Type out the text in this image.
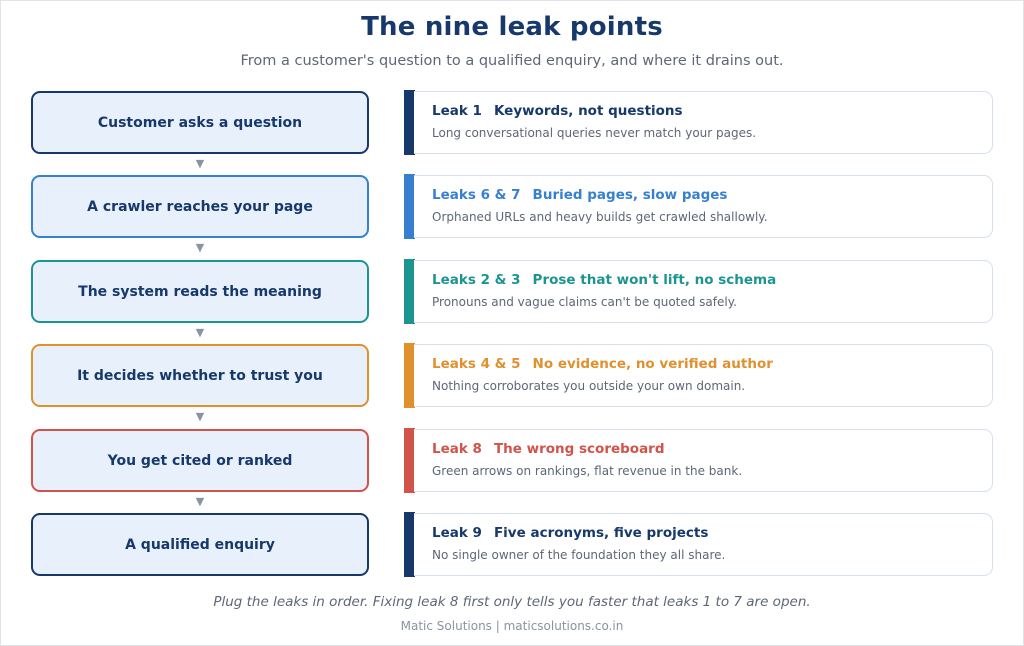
The nine leak points
From a customer's question to a qualified enquiry, and where it drains out.
Customer asks a question
▼
A crawler reaches your page
▼
The system reads the meaning
▼
It decides whether to trust you
▼
You get cited or ranked
▼
A qualified enquiry
Leak 1 Keywords, not questions
Long conversational queries never match your pages.
Leaks 6 & 7 Buried pages, slow pages
Orphaned URLs and heavy builds get crawled shallowly.
Leaks 2 & 3 Prose that won't lift, no schema
Pronouns and vague claims can't be quoted safely.
Leaks 4 & 5 No evidence, no verified author
Nothing corroborates you outside your own domain.
Leak 8 The wrong scoreboard
Green arrows on rankings, flat revenue in the bank.
Leak 9 Five acronyms, five projects
No single owner of the foundation they all share.
Plug the leaks in order. Fixing leak 8 first only tells you faster that leaks 1 to 7 are open.
Matic Solutions | maticsolutions.co.in
